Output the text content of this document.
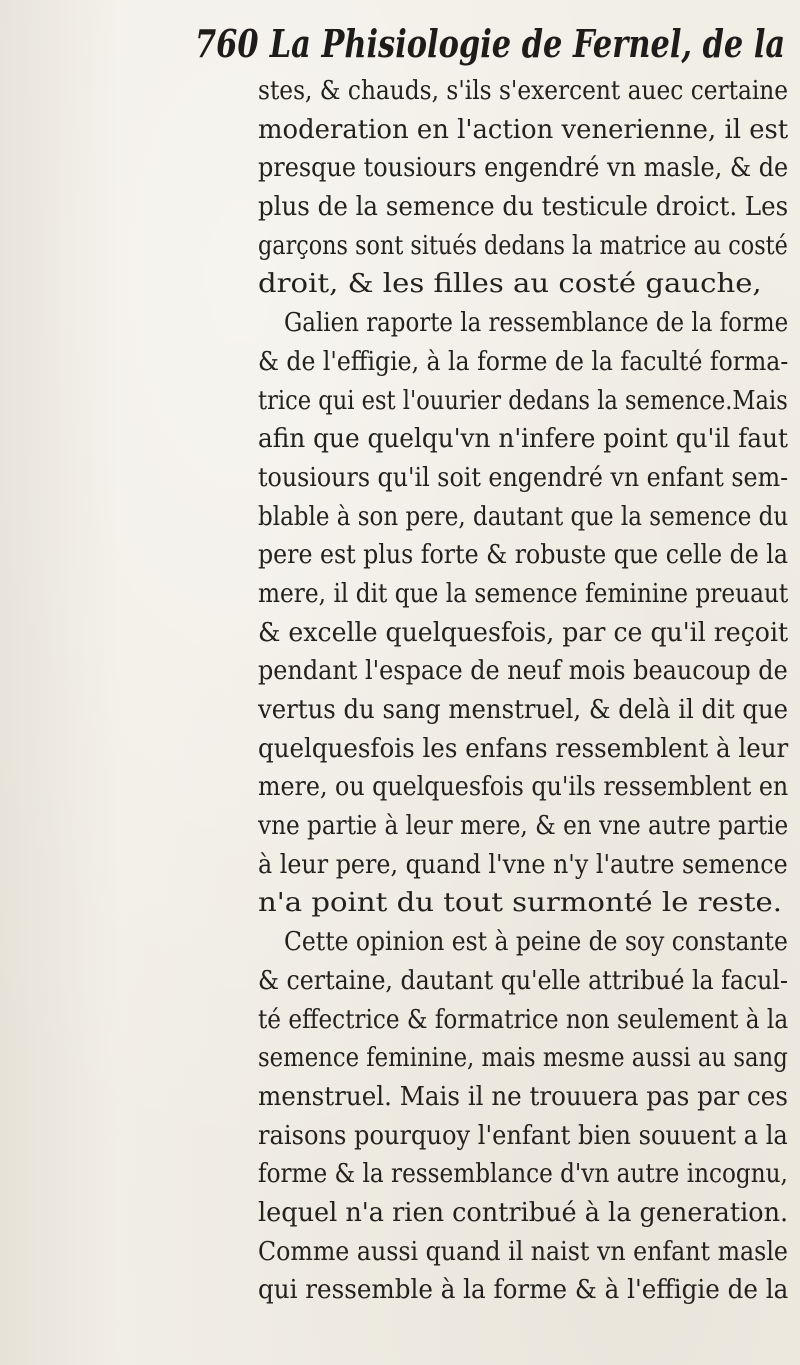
760 La Phisiologie de Fernel, de la
stes, & chauds, s'ils s'exercent auec certaine
moderation en l'action venerienne, il est
presque tousiours engendré vn masle, & de
plus de la semence du testicule droict. Les
garçons sont situés dedans la matrice au costé
droit, & les filles au costé gauche,
Galien raporte la ressemblance de la forme
& de l'effigie, à la forme de la faculté forma-
trice qui est l'ouurier dedans la semence.Mais
afin que quelqu'vn n'infere point qu'il faut
tousiours qu'il soit engendré vn enfant sem-
blable à son pere, dautant que la semence du
pere est plus forte & robuste que celle de la
mere, il dit que la semence feminine preuaut
& excelle quelquesfois, par ce qu'il reçoit
pendant l'espace de neuf mois beaucoup de
vertus du sang menstruel, & delà il dit que
quelquesfois les enfans ressemblent à leur
mere, ou quelquesfois qu'ils ressemblent en
vne partie à leur mere, & en vne autre partie
à leur pere, quand l'vne n'y l'autre semence
n'a point du tout surmonté le reste.
Cette opinion est à peine de soy constante
& certaine, dautant qu'elle attribué la facul-
té effectrice & formatrice non seulement à la
semence feminine, mais mesme aussi au sang
menstruel. Mais il ne trouuera pas par ces
raisons pourquoy l'enfant bien souuent a la
forme & la ressemblance d'vn autre incognu,
lequel n'a rien contribué à la generation.
Comme aussi quand il naist vn enfant masle
qui ressemble à la forme & à l'effigie de la
